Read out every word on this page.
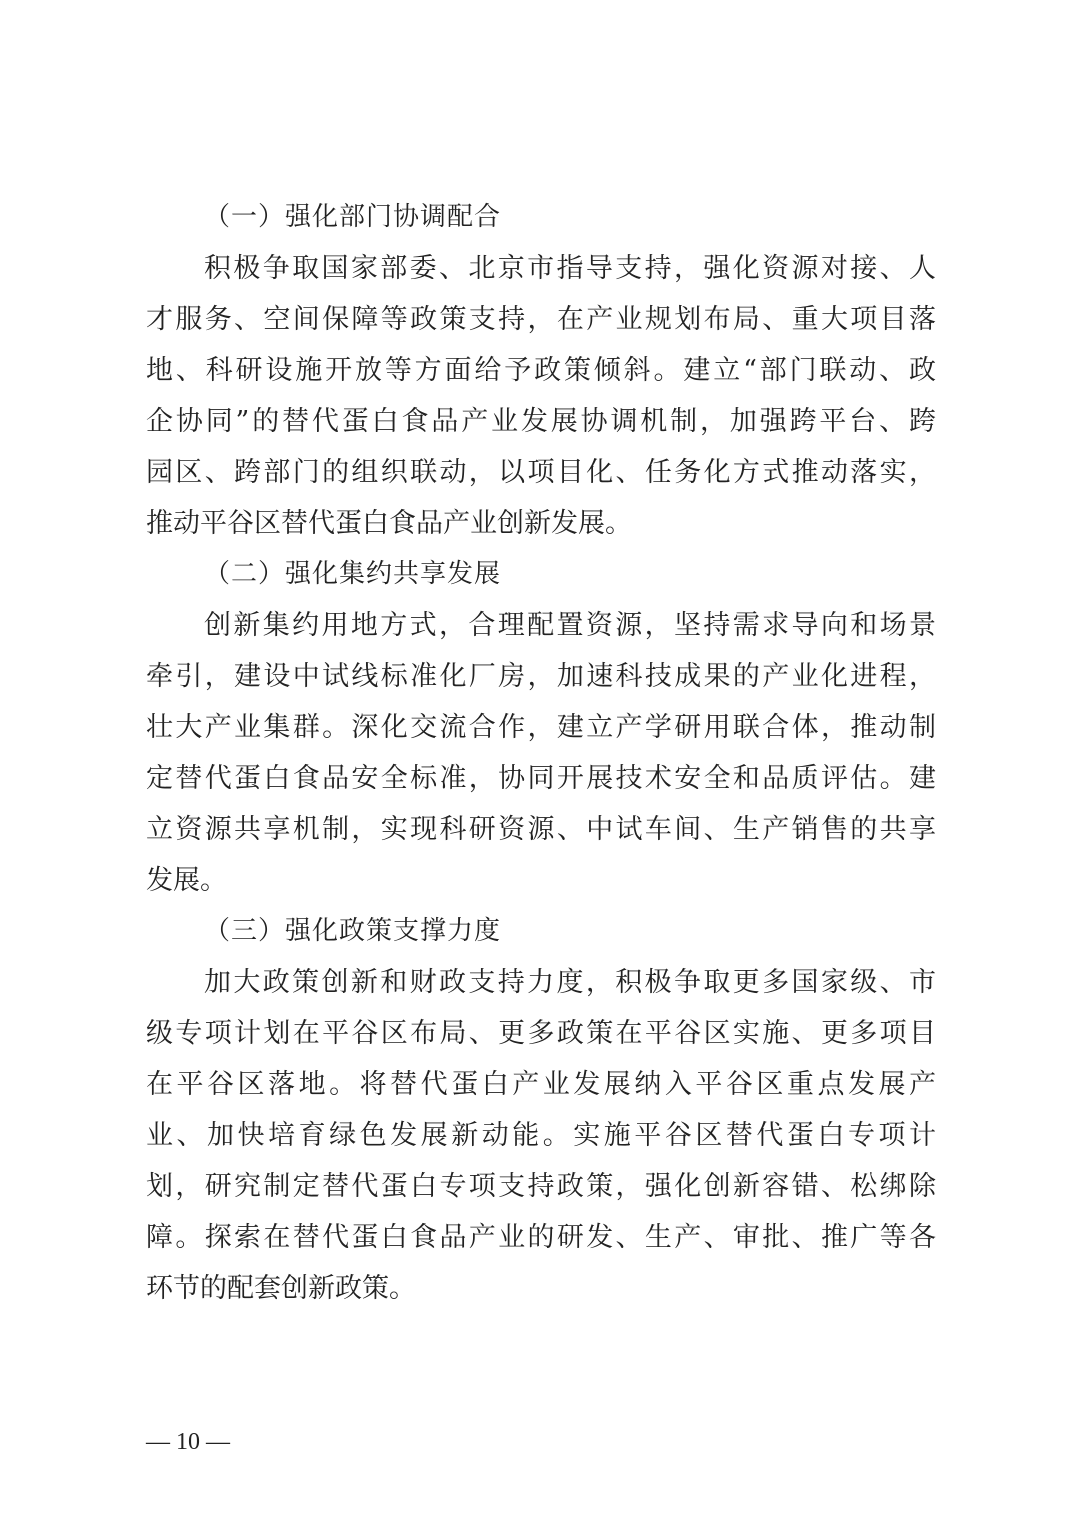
（一）强化部门协调配合

积极争取国家部委、北京市指导支持，强化资源对接、人

才服务、空间保障等政策支持，在产业规划布局、重大项目落

地、科研设施开放等方面给予政策倾斜。建立“部门联动、政

企协同”的替代蛋白食品产业发展协调机制，加强跨平台、跨

园区、跨部门的组织联动，以项目化、任务化方式推动落实，

推动平谷区替代蛋白食品产业创新发展。

（二）强化集约共享发展

创新集约用地方式，合理配置资源，坚持需求导向和场景

牵引，建设中试线标准化厂房，加速科技成果的产业化进程，

壮大产业集群。深化交流合作，建立产学研用联合体，推动制

定替代蛋白食品安全标准，协同开展技术安全和品质评估。建

立资源共享机制，实现科研资源、中试车间、生产销售的共享

发展。

（三）强化政策支撑力度

加大政策创新和财政支持力度，积极争取更多国家级、市

级专项计划在平谷区布局、更多政策在平谷区实施、更多项目

在平谷区落地。将替代蛋白产业发展纳入平谷区重点发展产

业、加快培育绿色发展新动能。实施平谷区替代蛋白专项计

划，研究制定替代蛋白专项支持政策，强化创新容错、松绑除

障。探索在替代蛋白食品产业的研发、生产、审批、推广等各

环节的配套创新政策。

— 10 —
